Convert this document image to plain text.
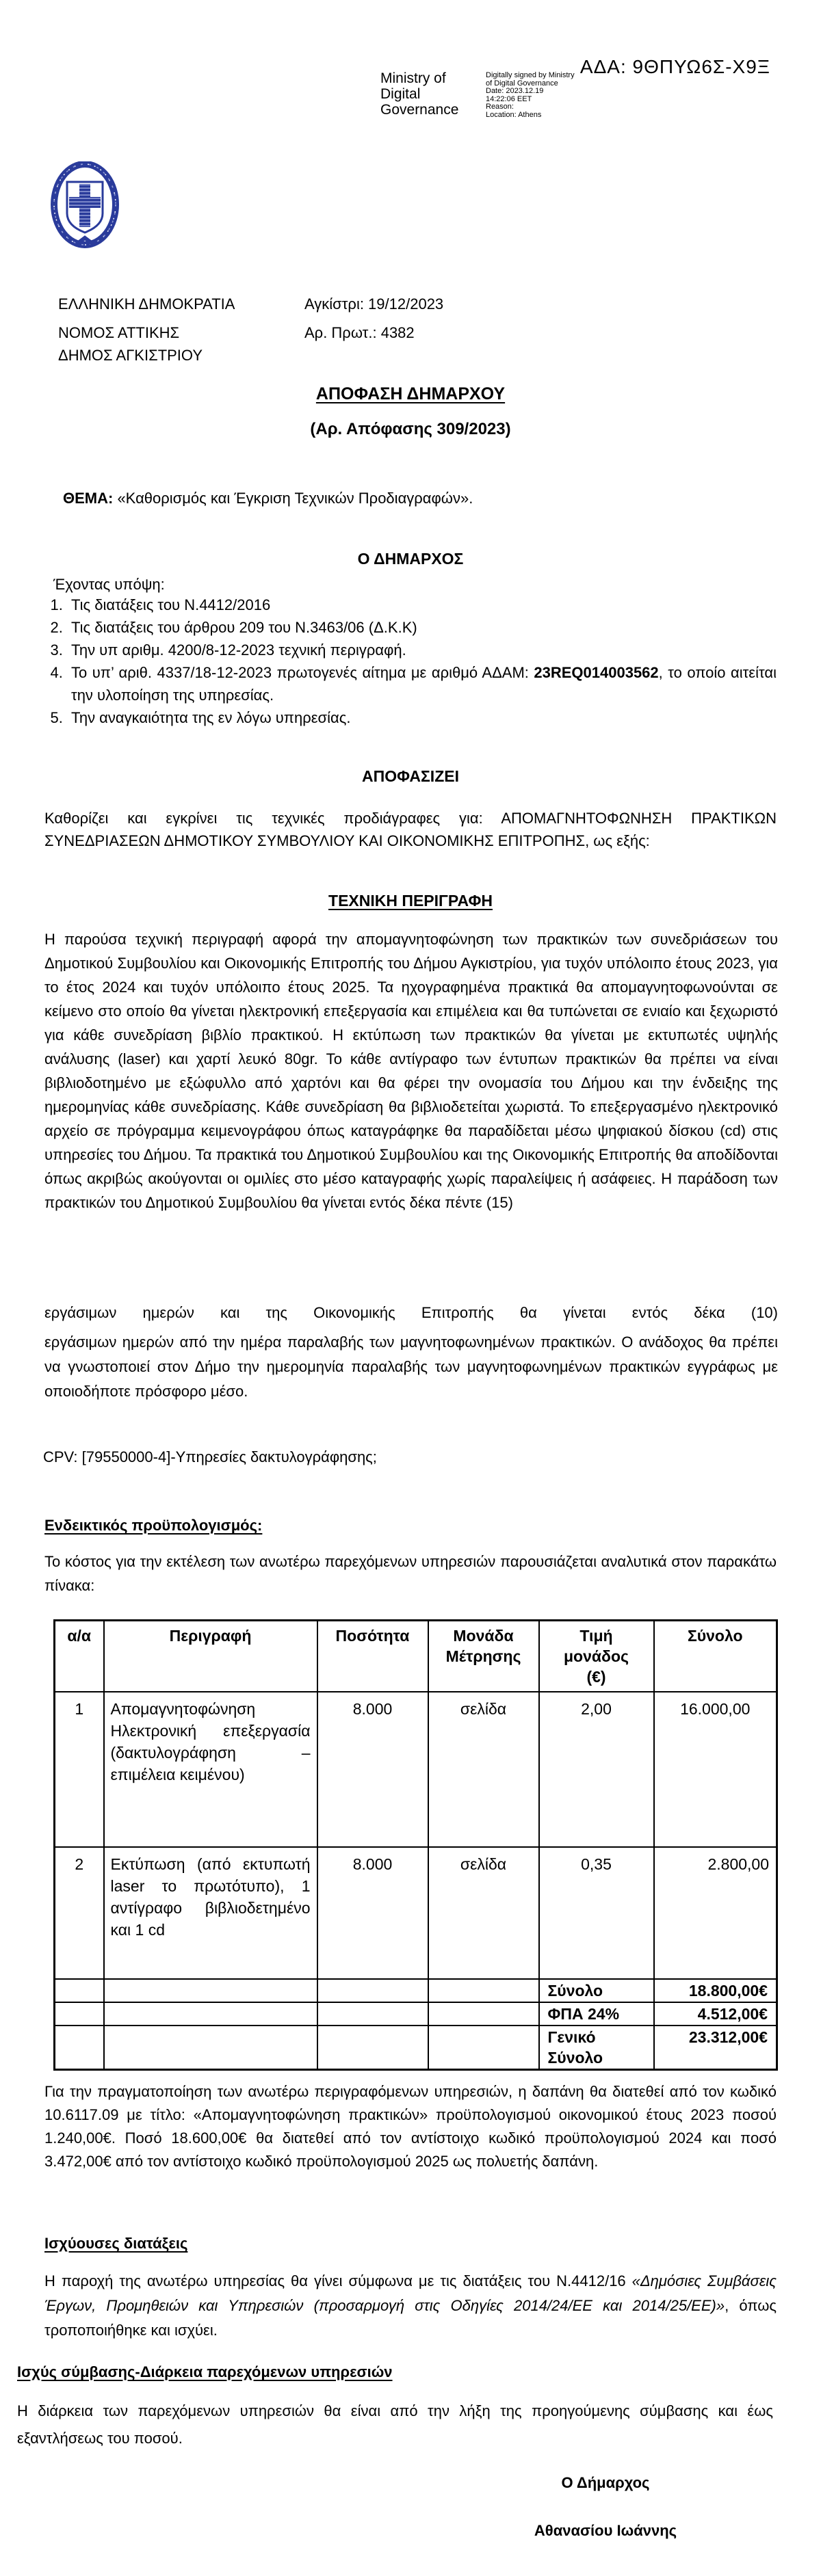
ΑΔΑ: 9ΘΠΥΩ6Σ-Χ9Ξ
Ministry of Digital Governance
Digitally signed by Ministry
of Digital Governance
Date: 2023.12.19
14:22:06 EET
Reason:
Location: Athens
ΕΛΛΗΝΙΚΗ ΔΗΜΟΚΡΑΤΙΑ
ΝΟΜΟΣ ΑΤΤΙΚΗΣ
ΔΗΜΟΣ ΑΓΚΙΣΤΡΙΟΥ
Αγκίστρι: 19/12/2023
Αρ. Πρωτ.: 4382
ΑΠΟΦΑΣΗ ΔΗΜΑΡΧΟΥ
(Αρ. Απόφασης 309/2023)
ΘΕΜΑ: «Καθορισμός και Έγκριση Τεχνικών Προδιαγραφών».
Ο ΔΗΜΑΡΧΟΣ
Έχοντας υπόψη:
1. Τις διατάξεις του Ν.4412/2016
2. Τις διατάξεις του άρθρου 209 του Ν.3463/06 (Δ.Κ.Κ)
3. Την υπ αριθμ. 4200/8-12-2023 τεχνική περιγραφή.
4. Το υπ’ αριθ. 4337/18-12-2023 πρωτογενές αίτημα με αριθμό ΑΔΑΜ: 23REQ014003562, το οποίο αιτείται την υλοποίηση της υπηρεσίας.
5. Την αναγκαιότητα της εν λόγω υπηρεσίας.
ΑΠΟΦΑΣΙΖΕΙ
Καθορίζει και εγκρίνει τις τεχνικές προδιάγραφες για: ΑΠΟΜΑΓΝΗΤΟΦΩΝΗΣΗ ΠΡΑΚΤΙΚΩΝ ΣΥΝΕΔΡΙΑΣΕΩΝ ΔΗΜΟΤΙΚΟΥ ΣΥΜΒΟΥΛΙΟΥ ΚΑΙ ΟΙΚΟΝΟΜΙΚΗΣ ΕΠΙΤΡΟΠΗΣ, ως εξής:
ΤΕΧΝΙΚΗ ΠΕΡΙΓΡΑΦΗ
Η παρούσα τεχνική περιγραφή αφορά την απομαγνητοφώνηση των πρακτικών των συνεδριάσεων του Δημοτικού Συμβουλίου και Οικονομικής Επιτροπής του Δήμου Αγκιστρίου, για τυχόν υπόλοιπο έτους 2023, για το έτος 2024 και τυχόν υπόλοιπο έτους 2025. Τα ηχογραφημένα πρακτικά θα απομαγνητοφωνούνται σε κείμενο στο οποίο θα γίνεται ηλεκτρονική επεξεργασία και επιμέλεια και θα τυπώνεται σε ενιαίο και ξεχωριστό για κάθε συνεδρίαση βιβλίο πρακτικού. Η εκτύπωση των πρακτικών θα γίνεται με εκτυπωτές υψηλής ανάλυσης (laser) και χαρτί λευκό 80gr. Το κάθε αντίγραφο των έντυπων πρακτικών θα πρέπει να είναι βιβλιοδοτημένο με εξώφυλλο από χαρτόνι και θα φέρει την ονομασία του Δήμου και την ένδειξης της ημερομηνίας κάθε συνεδρίασης. Κάθε συνεδρίαση θα βιβλιοδετείται χωριστά. Το επεξεργασμένο ηλεκτρονικό αρχείο σε πρόγραμμα κειμενογράφου όπως καταγράφηκε θα παραδίδεται μέσω ψηφιακού δίσκου (cd) στις υπηρεσίες του Δήμου. Τα πρακτικά του Δημοτικού Συμβουλίου και της Οικονομικής Επιτροπής θα αποδίδονται όπως ακριβώς ακούγονται οι ομιλίες στο μέσο καταγραφής χωρίς παραλείψεις ή ασάφειες. Η παράδοση των πρακτικών του Δημοτικού Συμβουλίου θα γίνεται εντός δέκα πέντε (15)
εργάσιμων ημερών και της Οικονομικής Επιτροπής θα γίνεται εντός δέκα (10)
εργάσιμων ημερών από την ημέρα παραλαβής των μαγνητοφωνημένων πρακτικών. Ο ανάδοχος θα πρέπει να γνωστοποιεί στον Δήμο την ημερομηνία παραλαβής των μαγνητοφωνημένων πρακτικών εγγράφως με οποιοδήποτε πρόσφορο μέσο.
CPV: [79550000-4]-Υπηρεσίες δακτυλογράφησης;
Ενδεικτικός προϋπολογισμός:
Το κόστος για την εκτέλεση των ανωτέρω παρεχόμενων υπηρεσιών παρουσιάζεται αναλυτικά στον παρακάτω πίνακα:
α/α	Περιγραφή	Ποσότητα	Μονάδα
Μέτρησης	Τιμή
μονάδος
(€)	Σύνολο

1	Απομαγνητοφώνηση Ηλεκτρονική επεξεργασία (δακτυλογράφηση – επιμέλεια κειμένου)	8.000	σελίδα	2,00	16.000,00
2	Εκτύπωση (από εκτυπωτή laser το πρωτότυπο), 1 αντίγραφο βιβλιοδετημένο και 1 cd	8.000	σελίδα	0,35	2.800,00

				Σύνολο	18.800,00€

				ΦΠΑ 24%	4.512,00€

				Γενικό
Σύνολο	23.312,00€
Για την πραγματοποίηση των ανωτέρω περιγραφόμενων υπηρεσιών, η δαπάνη θα διατεθεί από τον κωδικό 10.6117.09 με τίτλο: «Απομαγνητοφώνηση πρακτικών» προϋπολογισμού οικονομικού έτους 2023 ποσού 1.240,00€. Ποσό 18.600,00€ θα διατεθεί από τον αντίστοιχο κωδικό προϋπολογισμού 2024 και ποσό 3.472,00€ από τον αντίστοιχο κωδικό προϋπολογισμού 2025 ως πολυετής δαπάνη.
Ισχύουσες διατάξεις
Η παροχή της ανωτέρω υπηρεσίας θα γίνει σύμφωνα με τις διατάξεις του Ν.4412/16 «Δημόσιες Συμβάσεις Έργων, Προμηθειών και Υπηρεσιών (προσαρμογή στις Οδηγίες 2014/24/ΕΕ και 2014/25/ΕΕ)», όπως τροποποιήθηκε και ισχύει.
Ισχύς σύμβασης-Διάρκεια παρεχόμενων υπηρεσιών
Η διάρκεια των παρεχόμενων υπηρεσιών θα είναι από την λήξη της προηγούμενης σύμβασης και έως εξαντλήσεως του ποσού.
Ο Δήμαρχος
Αθανασίου Ιωάννης
